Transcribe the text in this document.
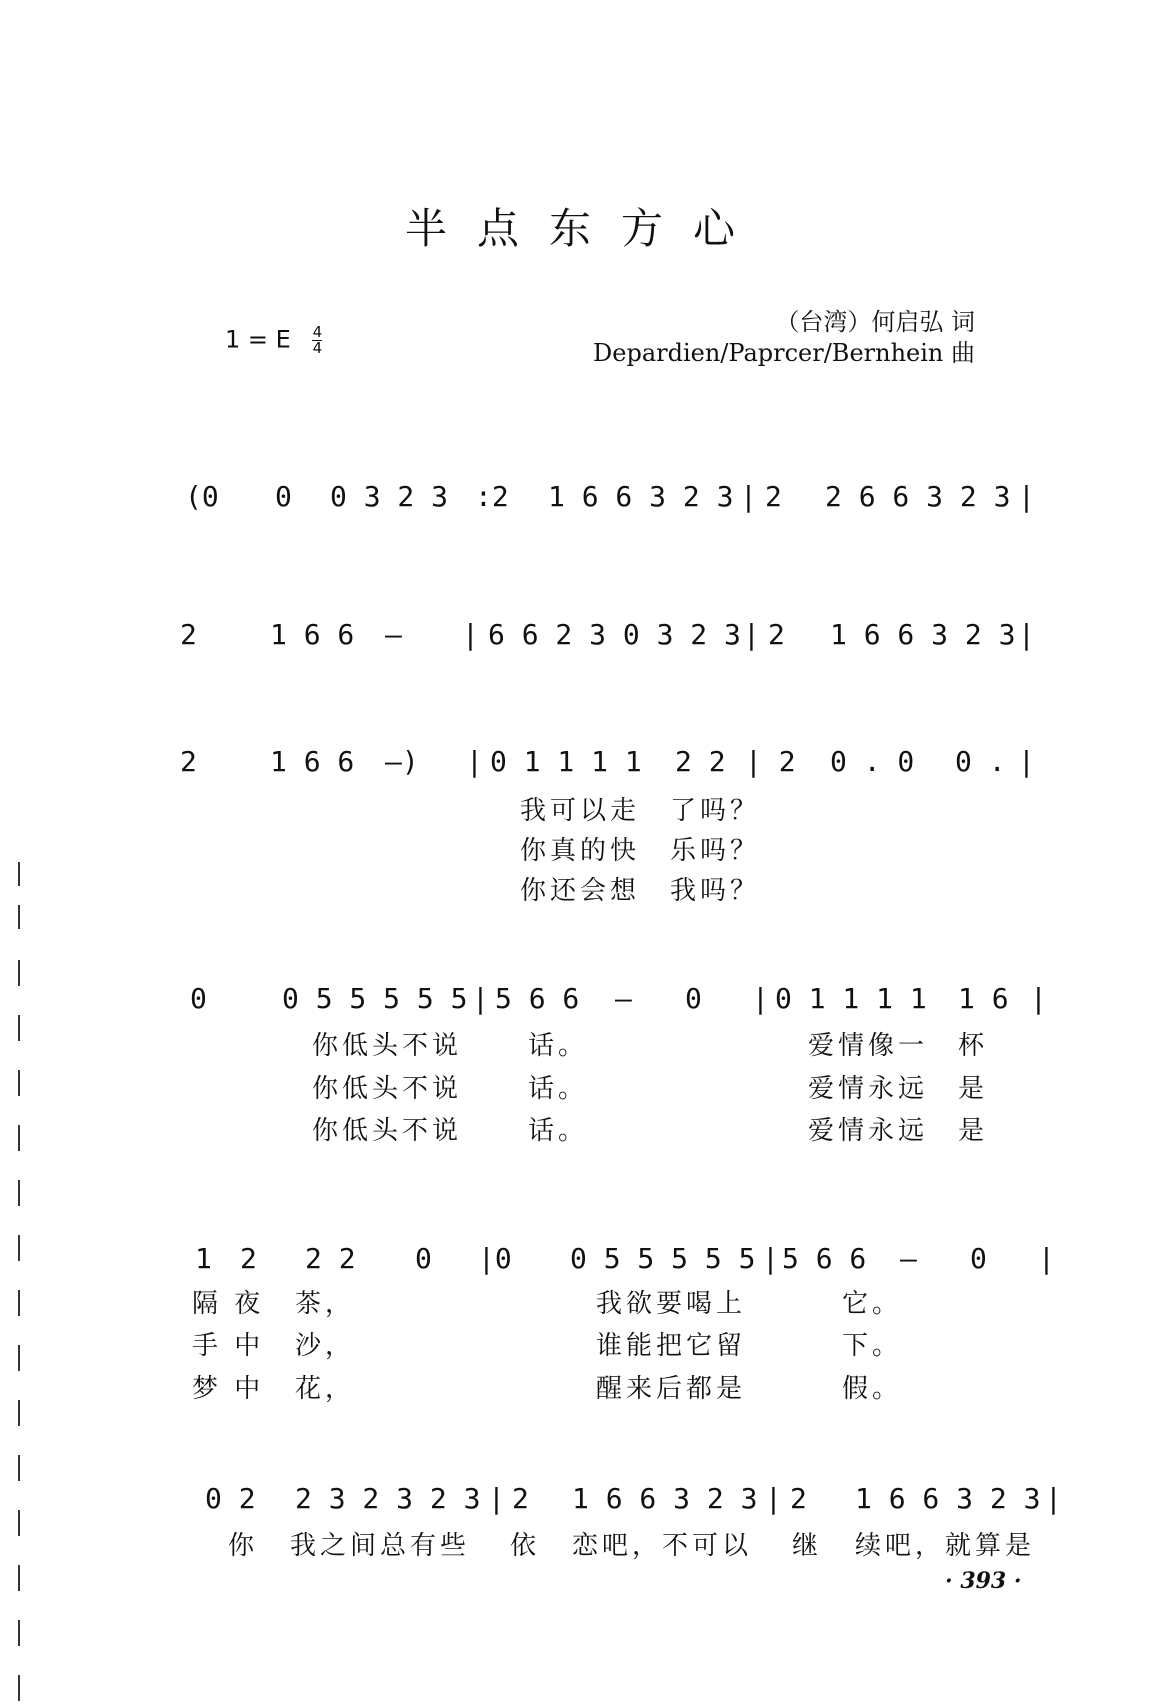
半点东方心
1 = E $\frac{4}{4}$
（台湾）何启弘 词
Depardien/Paprcer/Bernhein 曲
(0 0 0 3 2 3 :2 1 6 6 3 2 3 | 2 2 6 6 3 2 3 |
2	1 6 6 — | 6 6 2 3 0 3 2 3 | 2 1 6 6 3 2 3 |
2	1 6 6 —) | 0 1 1 1 1 2 2 | 2 0 . 0 0 . |
我可以走 了吗？
你真的快 乐吗？
你还会想 我吗？
0	0 5 5 5 5 5 | 5 6 6 — 0 | 0 1 1 1 1 1 6 |
你低头不说	话。	爱情像一 杯
你低头不说	话。	爱情永远 是
你低头不说	话。	爱情永远 是
1 2 2 2 0 |0 0 5 5 5 5 5 | 5 6 6 — 0 |
隔 夜 茶，	我欲要喝上	它。
手 中 沙，	谁能把它留	下。
梦 中 花，	醒来后都是	假。
0 2 2 3 2 3 2 3 | 2 1 6 6 3 2 3 | 2 1 6 6 3 2 3 |
你 我之间总有些 依 恋吧，不可以 继 续吧，就算是
· 393 ·
